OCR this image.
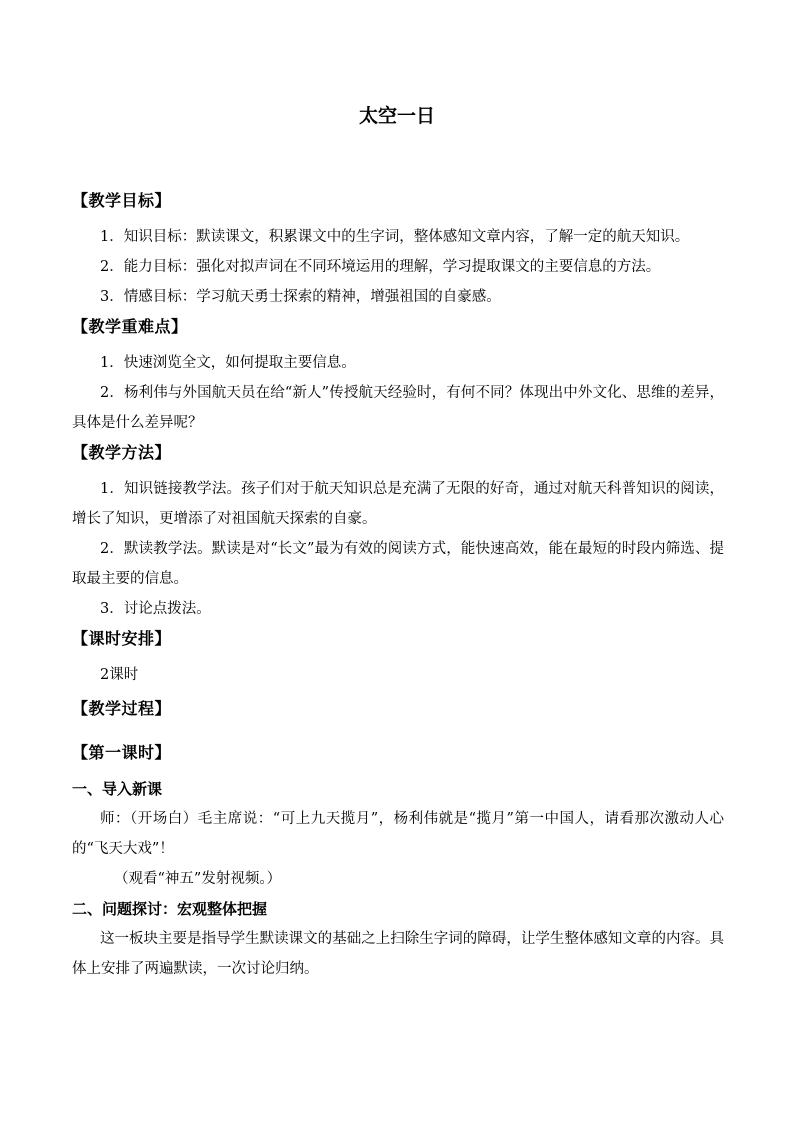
太空一日
【教学目标】

1．知识目标：默读课文，积累课文中的生字词，整体感知文章内容，了解一定的航天知识。

2．能力目标：强化对拟声词在不同环境运用的理解，学习提取课文的主要信息的方法。

3．情感目标：学习航天勇士探索的精神，增强祖国的自豪感。

【教学重难点】

1．快速浏览全文，如何提取主要信息。

2．杨利伟与外国航天员在给“新人”传授航天经验时，有何不同？体现出中外文化、思维的差异，具体是什么差异呢？

【教学方法】

1．知识链接教学法。孩子们对于航天知识总是充满了无限的好奇，通过对航天科普知识的阅读，增长了知识，更增添了对祖国航天探索的自豪。

2．默读教学法。默读是对“长文”最为有效的阅读方式，能快速高效，能在最短的时段内筛选、提取最主要的信息。

3．讨论点拨法。

【课时安排】

2课时

【教学过程】
【第一课时】
一、导入新课

师：（开场白）毛主席说：“可上九天揽月”，杨利伟就是“揽月”第一中国人，请看那次激动人心的“飞天大戏”！

（观看“神五”发射视频。）

二、问题探讨：宏观整体把握

这一板块主要是指导学生默读课文的基础之上扫除生字词的障碍，让学生整体感知文章的内容。具体上安排了两遍默读，一次讨论归纳。
